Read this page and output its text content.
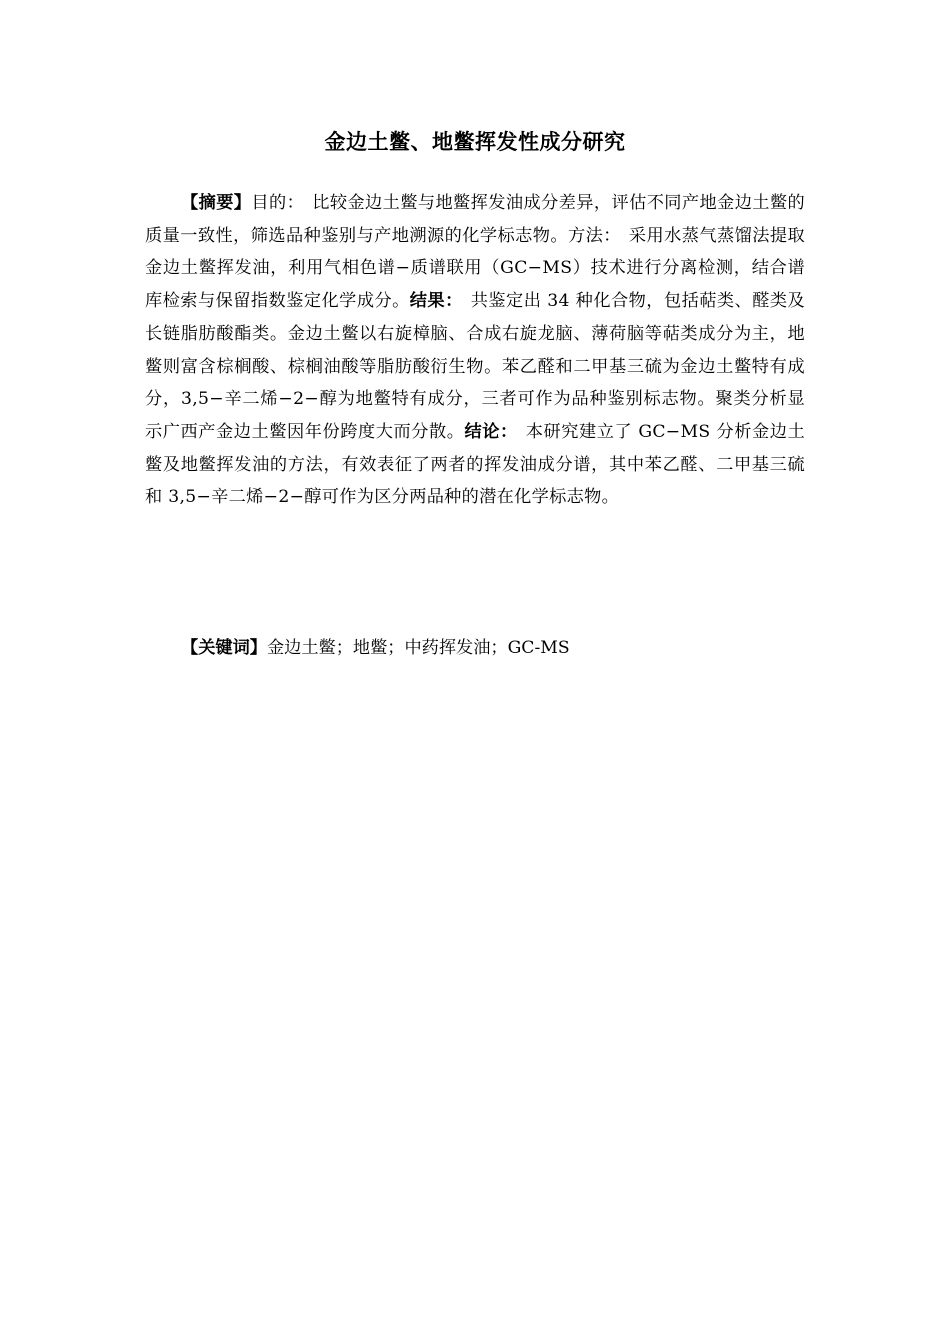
金边土鳖、地鳖挥发性成分研究

【摘要】目的： 比较金边土鳖与地鳖挥发油成分差异，评估不同产地金边土鳖的质量一致性，筛选品种鉴别与产地溯源的化学标志物。方法： 采用水蒸气蒸馏法提取金边土鳖挥发油，利用气相色谱−质谱联用（GC−MS）技术进行分离检测，结合谱库检索与保留指数鉴定化学成分。结果： 共鉴定出 34 种化合物，包括萜类、醛类及长链脂肪酸酯类。金边土鳖以右旋樟脑、合成右旋龙脑、薄荷脑等萜类成分为主，地鳖则富含棕榈酸、棕榈油酸等脂肪酸衍生物。苯乙醛和二甲基三硫为金边土鳖特有成分，3,5−辛二烯−2−醇为地鳖特有成分，三者可作为品种鉴别标志物。聚类分析显示广西产金边土鳖因年份跨度大而分散。结论： 本研究建立了 GC−MS 分析金边土鳖及地鳖挥发油的方法，有效表征了两者的挥发油成分谱，其中苯乙醛、二甲基三硫和 3,5−辛二烯−2−醇可作为区分两品种的潜在化学标志物。

【关键词】金边土鳖；地鳖；中药挥发油；GC‑MS
